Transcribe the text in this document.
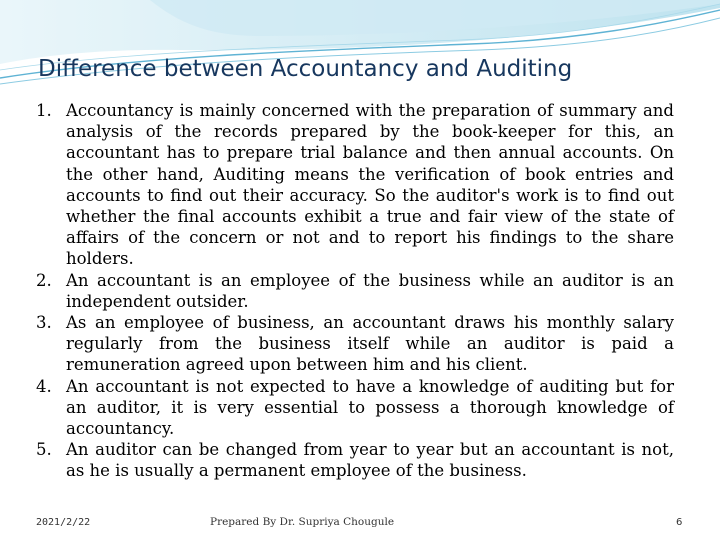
Difference between Accountancy and Auditing
1. Accountancy is mainly concerned with the preparation of summary and analysis of the records prepared by the book-keeper for this, an accountant has to prepare trial balance and then annual accounts. On the other hand, Auditing means the verification of book entries and accounts to find out their accuracy. So the auditor's work is to find out whether the final accounts exhibit a true and fair view of the state of affairs of the concern or not and to report his findings to the share holders.
2. An accountant is an employee of the business while an auditor is an independent outsider.
3. As an employee of business, an accountant draws his monthly salary regularly from the business itself while an auditor is paid a remuneration agreed upon between him and his client.
4. An accountant is not expected to have a knowledge of auditing but for an auditor, it is very essential to possess a thorough knowledge of accountancy.
5. An auditor can be changed from year to year but an accountant is not, as he is usually a permanent employee of the business.
2021/2/22	Prepared By Dr. Supriya Chougule	6
